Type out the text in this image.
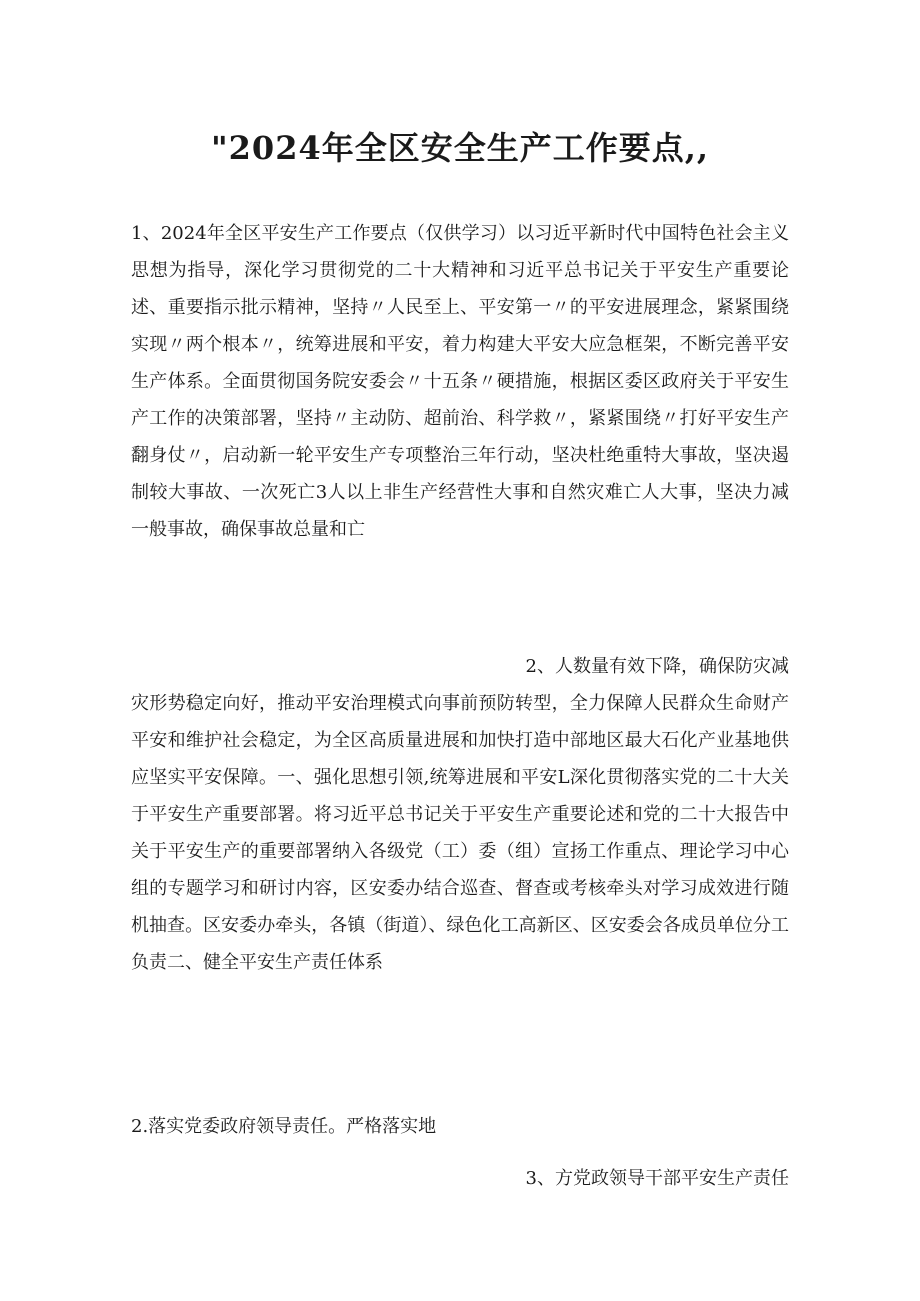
"2024年全区安全生产工作要点,,
1、2024年全区平安生产工作要点（仅供学习）以习近平新时代中国特色社会主义思想为指导，深化学习贯彻党的二十大精神和习近平总书记关于平安生产重要论述、重要指示批示精神，坚持〃人民至上、平安第一〃的平安进展理念，紧紧围绕实现〃两个根本〃，统筹进展和平安，着力构建大平安大应急框架，不断完善平安生产体系。全面贯彻国务院安委会〃十五条〃硬措施，根据区委区政府关于平安生产工作的决策部署，坚持〃主动防、超前治、科学救〃，紧紧围绕〃打好平安生产翻身仗〃，启动新一轮平安生产专项整治三年行动，坚决杜绝重特大事故，坚决遏制较大事故、一次死亡3人以上非生产经营性大事和自然灾难亡人大事，坚决力减一般事故，确保事故总量和亡
2、人数量有效下降，确保防灾减
灾形势稳定向好，推动平安治理模式向事前预防转型，全力保障人民群众生命财产平安和维护社会稳定，为全区高质量进展和加快打造中部地区最大石化产业基地供应坚实平安保障。一、强化思想引领,统筹进展和平安L深化贯彻落实党的二十大关于平安生产重要部署。将习近平总书记关于平安生产重要论述和党的二十大报告中关于平安生产的重要部署纳入各级党（工）委（组）宣扬工作重点、理论学习中心组的专题学习和研讨内容，区安委办结合巡查、督查或考核牵头对学习成效进行随机抽查。区安委办牵头，各镇（街道）、绿色化工高新区、区安委会各成员单位分工负责二、健全平安生产责任体系
2.落实党委政府领导责任。严格落实地
3、方党政领导干部平安生产责任
